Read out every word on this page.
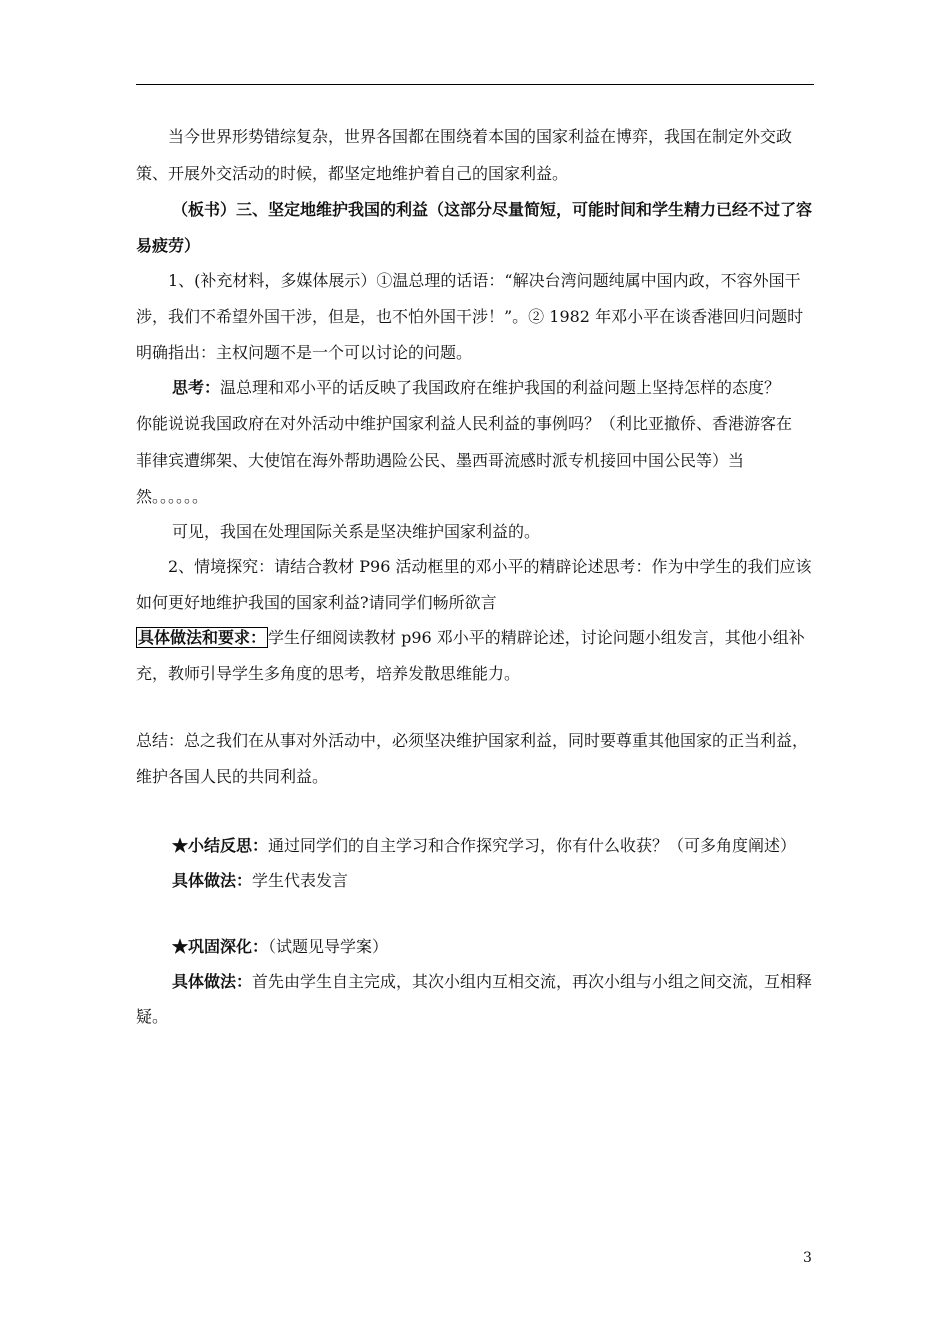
当今世界形势错综复杂，世界各国都在围绕着本国的国家利益在博弈，我国在制定外交政
策、开展外交活动的时候，都坚定地维护着自己的国家利益。
（板书）三、坚定地维护我国的利益（这部分尽量简短，可能时间和学生精力已经不过了容
易疲劳）
1、(补充材料，多媒体展示）①温总理的话语：“解决台湾问题纯属中国内政，不容外国干
涉，我们不希望外国干涉，但是，也不怕外国干涉！”。② 1982 年邓小平在谈香港回归问题时
明确指出：主权问题不是一个可以讨论的问题。
思考：温总理和邓小平的话反映了我国政府在维护我国的利益问题上坚持怎样的态度？
你能说说我国政府在对外活动中维护国家利益人民利益的事例吗？（利比亚撤侨、香港游客在
菲律宾遭绑架、大使馆在海外帮助遇险公民、墨西哥流感时派专机接回中国公民等）当
然。。。。。。
可见，我国在处理国际关系是坚决维护国家利益的。
2、情境探究：请结合教材 P96 活动框里的邓小平的精辟论述思考：作为中学生的我们应该
如何更好地维护我国的国家利益?请同学们畅所欲言
具体做法和要求： 学生仔细阅读教材 p96 邓小平的精辟论述，讨论问题小组发言，其他小组补
充，教师引导学生多角度的思考，培养发散思维能力。
总结：总之我们在从事对外活动中，必须坚决维护国家利益，同时要尊重其他国家的正当利益，
维护各国人民的共同利益。
★小结反思：通过同学们的自主学习和合作探究学习，你有什么收获？（可多角度阐述）
具体做法：学生代表发言
★巩固深化：（试题见导学案）
具体做法：首先由学生自主完成，其次小组内互相交流，再次小组与小组之间交流，互相释
疑。
3
